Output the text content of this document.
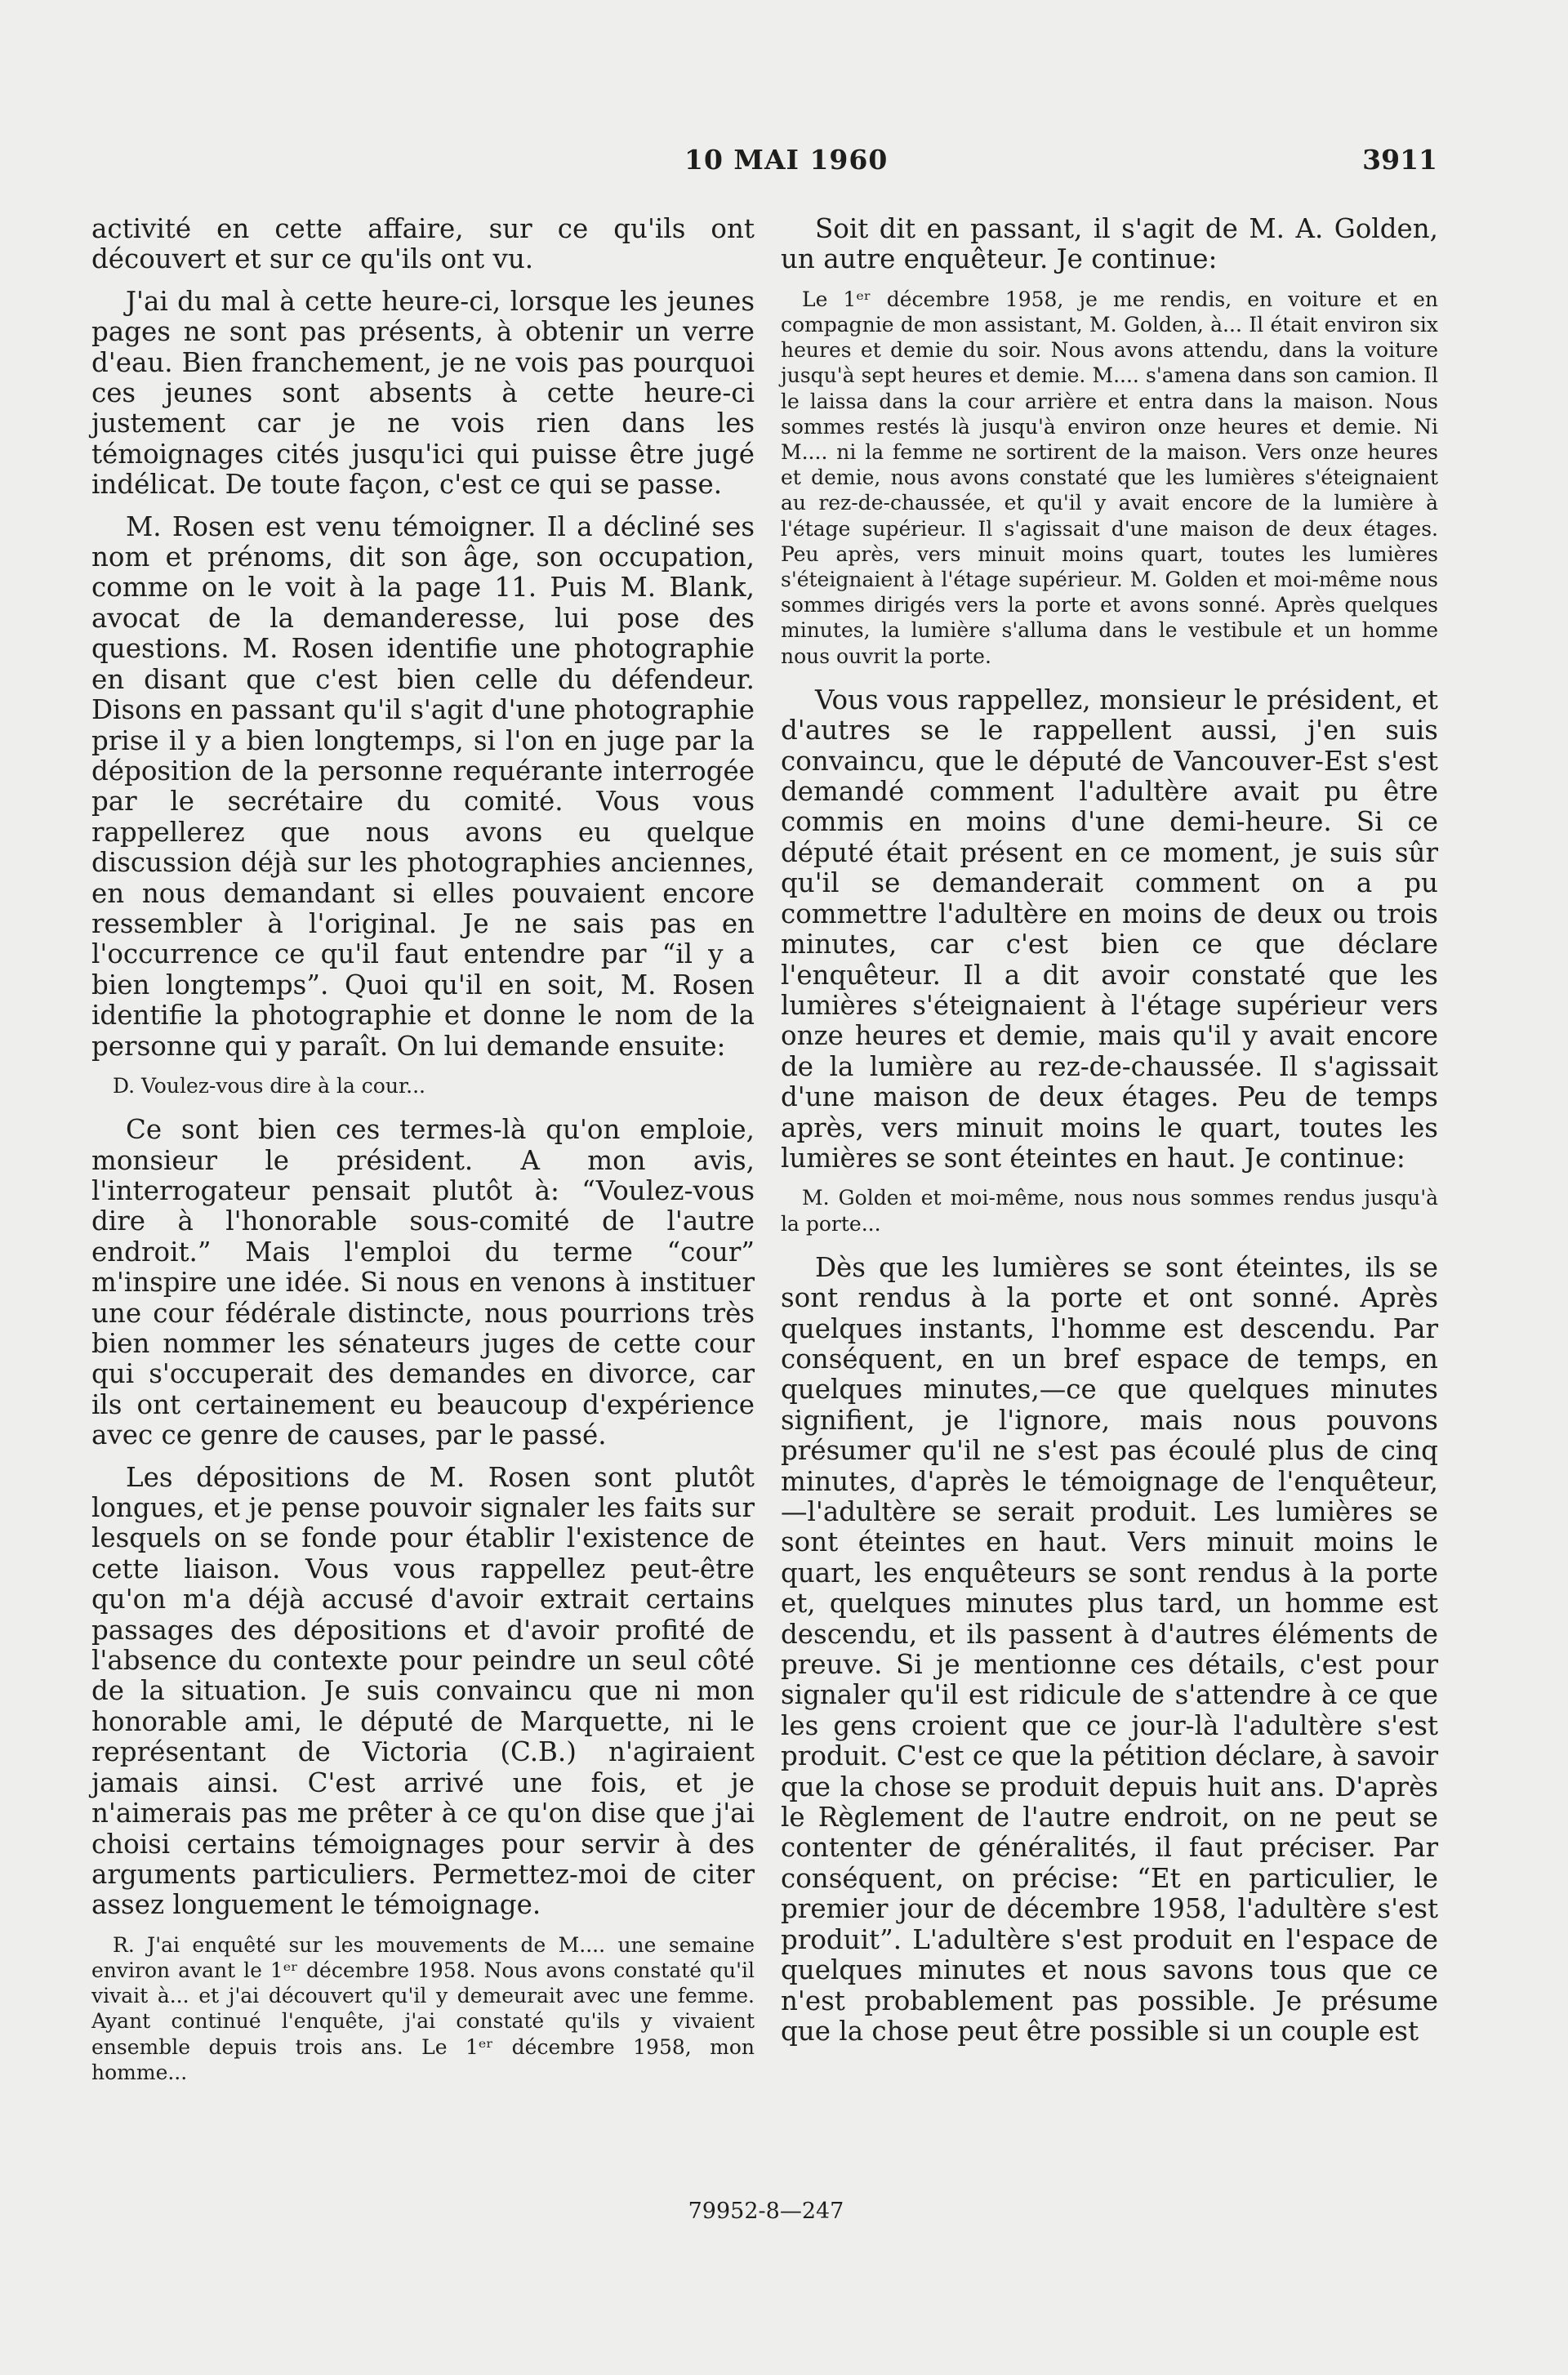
10 MAI 1960	3911

activité en cette affaire, sur ce qu'ils ont découvert et sur ce qu'ils ont vu.

J'ai du mal à cette heure-ci, lorsque les jeunes pages ne sont pas présents, à obtenir un verre d'eau. Bien franchement, je ne vois pas pourquoi ces jeunes sont absents à cette heure-ci justement car je ne vois rien dans les témoignages cités jusqu'ici qui puisse être jugé indélicat. De toute façon, c'est ce qui se passe.

M. Rosen est venu témoigner. Il a décliné ses nom et prénoms, dit son âge, son occupation, comme on le voit à la page 11. Puis M. Blank, avocat de la demanderesse, lui pose des questions. M. Rosen identifie une photographie en disant que c'est bien celle du défendeur. Disons en passant qu'il s'agit d'une photographie prise il y a bien longtemps, si l'on en juge par la déposition de la personne requérante interrogée par le secrétaire du comité. Vous vous rappellerez que nous avons eu quelque discussion déjà sur les photographies anciennes, en nous demandant si elles pouvaient encore ressembler à l'original. Je ne sais pas en l'occurrence ce qu'il faut entendre par “il y a bien longtemps”. Quoi qu'il en soit, M. Rosen identifie la photographie et donne le nom de la personne qui y paraît. On lui demande ensuite:

D. Voulez-vous dire à la cour...

Ce sont bien ces termes-là qu'on emploie, monsieur le président. A mon avis, l'interrogateur pensait plutôt à: “Voulez-vous dire à l'honorable sous-comité de l'autre endroit.” Mais l'emploi du terme “cour” m'inspire une idée. Si nous en venons à instituer une cour fédérale distincte, nous pourrions très bien nommer les sénateurs juges de cette cour qui s'occuperait des demandes en divorce, car ils ont certainement eu beaucoup d'expérience avec ce genre de causes, par le passé.

Les dépositions de M. Rosen sont plutôt longues, et je pense pouvoir signaler les faits sur lesquels on se fonde pour établir l'existence de cette liaison. Vous vous rappellez peut-être qu'on m'a déjà accusé d'avoir extrait certains passages des dépositions et d'avoir profité de l'absence du contexte pour peindre un seul côté de la situation. Je suis convaincu que ni mon honorable ami, le député de Marquette, ni le représentant de Victoria (C.B.) n'agiraient jamais ainsi. C'est arrivé une fois, et je n'aimerais pas me prêter à ce qu'on dise que j'ai choisi certains témoignages pour servir à des arguments particuliers. Permettez-moi de citer assez longuement le témoignage.

R. J'ai enquêté sur les mouvements de M.... une semaine environ avant le 1ᵉʳ décembre 1958. Nous avons constaté qu'il vivait à... et j'ai découvert qu'il y demeurait avec une femme. Ayant continué l'enquête, j'ai constaté qu'ils y vivaient ensemble depuis trois ans. Le 1ᵉʳ décembre 1958, mon homme...

Soit dit en passant, il s'agit de M. A. Golden, un autre enquêteur. Je continue:

Le 1ᵉʳ décembre 1958, je me rendis, en voiture et en compagnie de mon assistant, M. Golden, à... Il était environ six heures et demie du soir. Nous avons attendu, dans la voiture jusqu'à sept heures et demie. M.... s'amena dans son camion. Il le laissa dans la cour arrière et entra dans la maison. Nous sommes restés là jusqu'à environ onze heures et demie. Ni M.... ni la femme ne sortirent de la maison. Vers onze heures et demie, nous avons constaté que les lumières s'éteignaient au rez-de-chaussée, et qu'il y avait encore de la lumière à l'étage supérieur. Il s'agissait d'une maison de deux étages. Peu après, vers minuit moins quart, toutes les lumières s'éteignaient à l'étage supérieur. M. Golden et moi-même nous sommes dirigés vers la porte et avons sonné. Après quelques minutes, la lumière s'alluma dans le vestibule et un homme nous ouvrit la porte.

Vous vous rappellez, monsieur le président, et d'autres se le rappellent aussi, j'en suis convaincu, que le député de Vancouver-Est s'est demandé comment l'adultère avait pu être commis en moins d'une demi-heure. Si ce député était présent en ce moment, je suis sûr qu'il se demanderait comment on a pu commettre l'adultère en moins de deux ou trois minutes, car c'est bien ce que déclare l'enquêteur. Il a dit avoir constaté que les lumières s'éteignaient à l'étage supérieur vers onze heures et demie, mais qu'il y avait encore de la lumière au rez-de-chaussée. Il s'agissait d'une maison de deux étages. Peu de temps après, vers minuit moins le quart, toutes les lumières se sont éteintes en haut. Je continue:

M. Golden et moi-même, nous nous sommes rendus jusqu'à la porte...

Dès que les lumières se sont éteintes, ils se sont rendus à la porte et ont sonné. Après quelques instants, l'homme est descendu. Par conséquent, en un bref espace de temps, en quelques minutes,—ce que quelques minutes signifient, je l'ignore, mais nous pouvons présumer qu'il ne s'est pas écoulé plus de cinq minutes, d'après le témoignage de l'enquêteur,—l'adultère se serait produit. Les lumières se sont éteintes en haut. Vers minuit moins le quart, les enquêteurs se sont rendus à la porte et, quelques minutes plus tard, un homme est descendu, et ils passent à d'autres éléments de preuve. Si je mentionne ces détails, c'est pour signaler qu'il est ridicule de s'attendre à ce que les gens croient que ce jour-là l'adultère s'est produit. C'est ce que la pétition déclare, à savoir que la chose se produit depuis huit ans. D'après le Règlement de l'autre endroit, on ne peut se contenter de généralités, il faut préciser. Par conséquent, on précise: “Et en particulier, le premier jour de décembre 1958, l'adultère s'est produit”. L'adultère s'est produit en l'espace de quelques minutes et nous savons tous que ce n'est probablement pas possible. Je présume que la chose peut être possible si un couple est

79952-8—247
